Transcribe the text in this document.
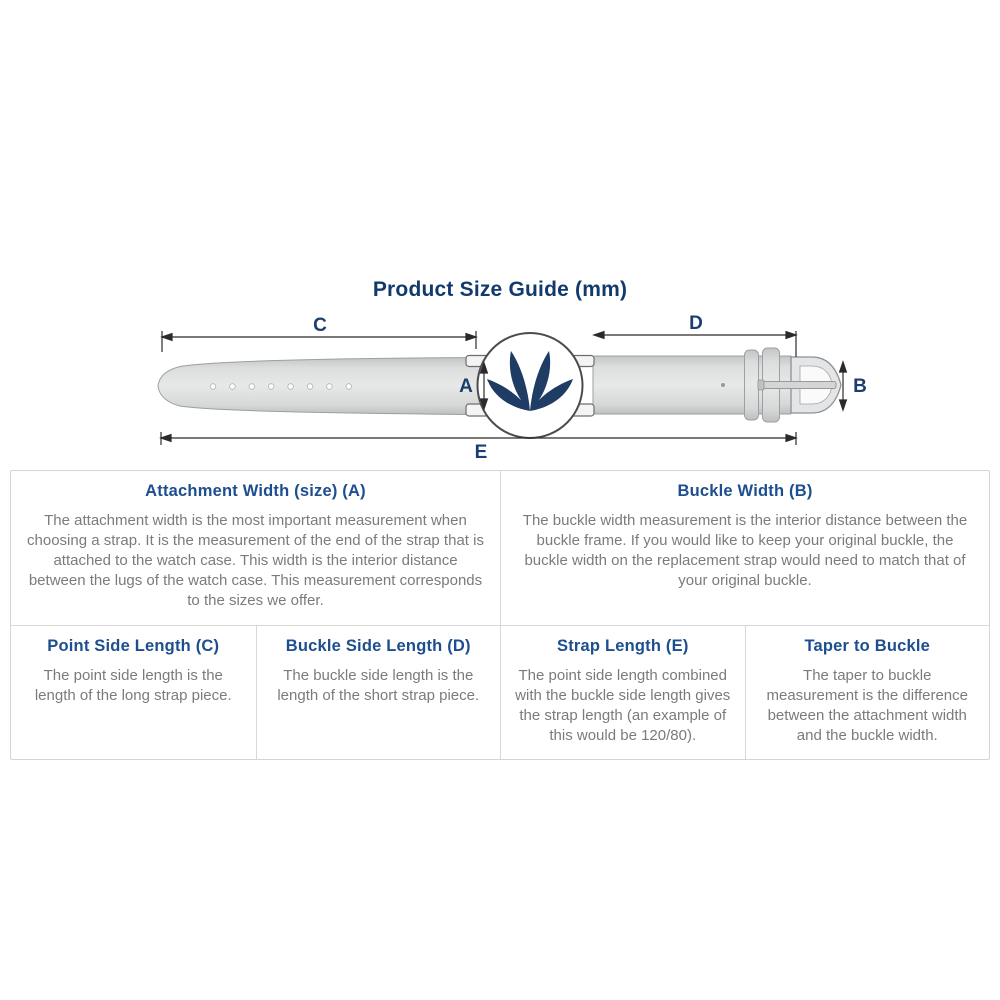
Product Size Guide (mm)
C	D
A	B
E
Attachment Width (size) (A)

The attachment width is the most important measurement when choosing a strap. It is the measurement of the end of the strap that is attached to the watch case. This width is the interior distance between the lugs of the watch case. This measurement corresponds to the sizes we offer.

Buckle Width (B)

The buckle width measurement is the interior distance between the buckle frame. If you would like to keep your original buckle, the buckle width on the replacement strap would need to match that of your original buckle.

Point Side Length (C)

The point side length is the length of the long strap piece.

Buckle Side Length (D)

The buckle side length is the length of the short strap piece.

Strap Length (E)

The point side length combined with the buckle side length gives the strap length (an example of this would be 120/80).

Taper to Buckle

The taper to buckle measurement is the difference between the attachment width and the buckle width.
